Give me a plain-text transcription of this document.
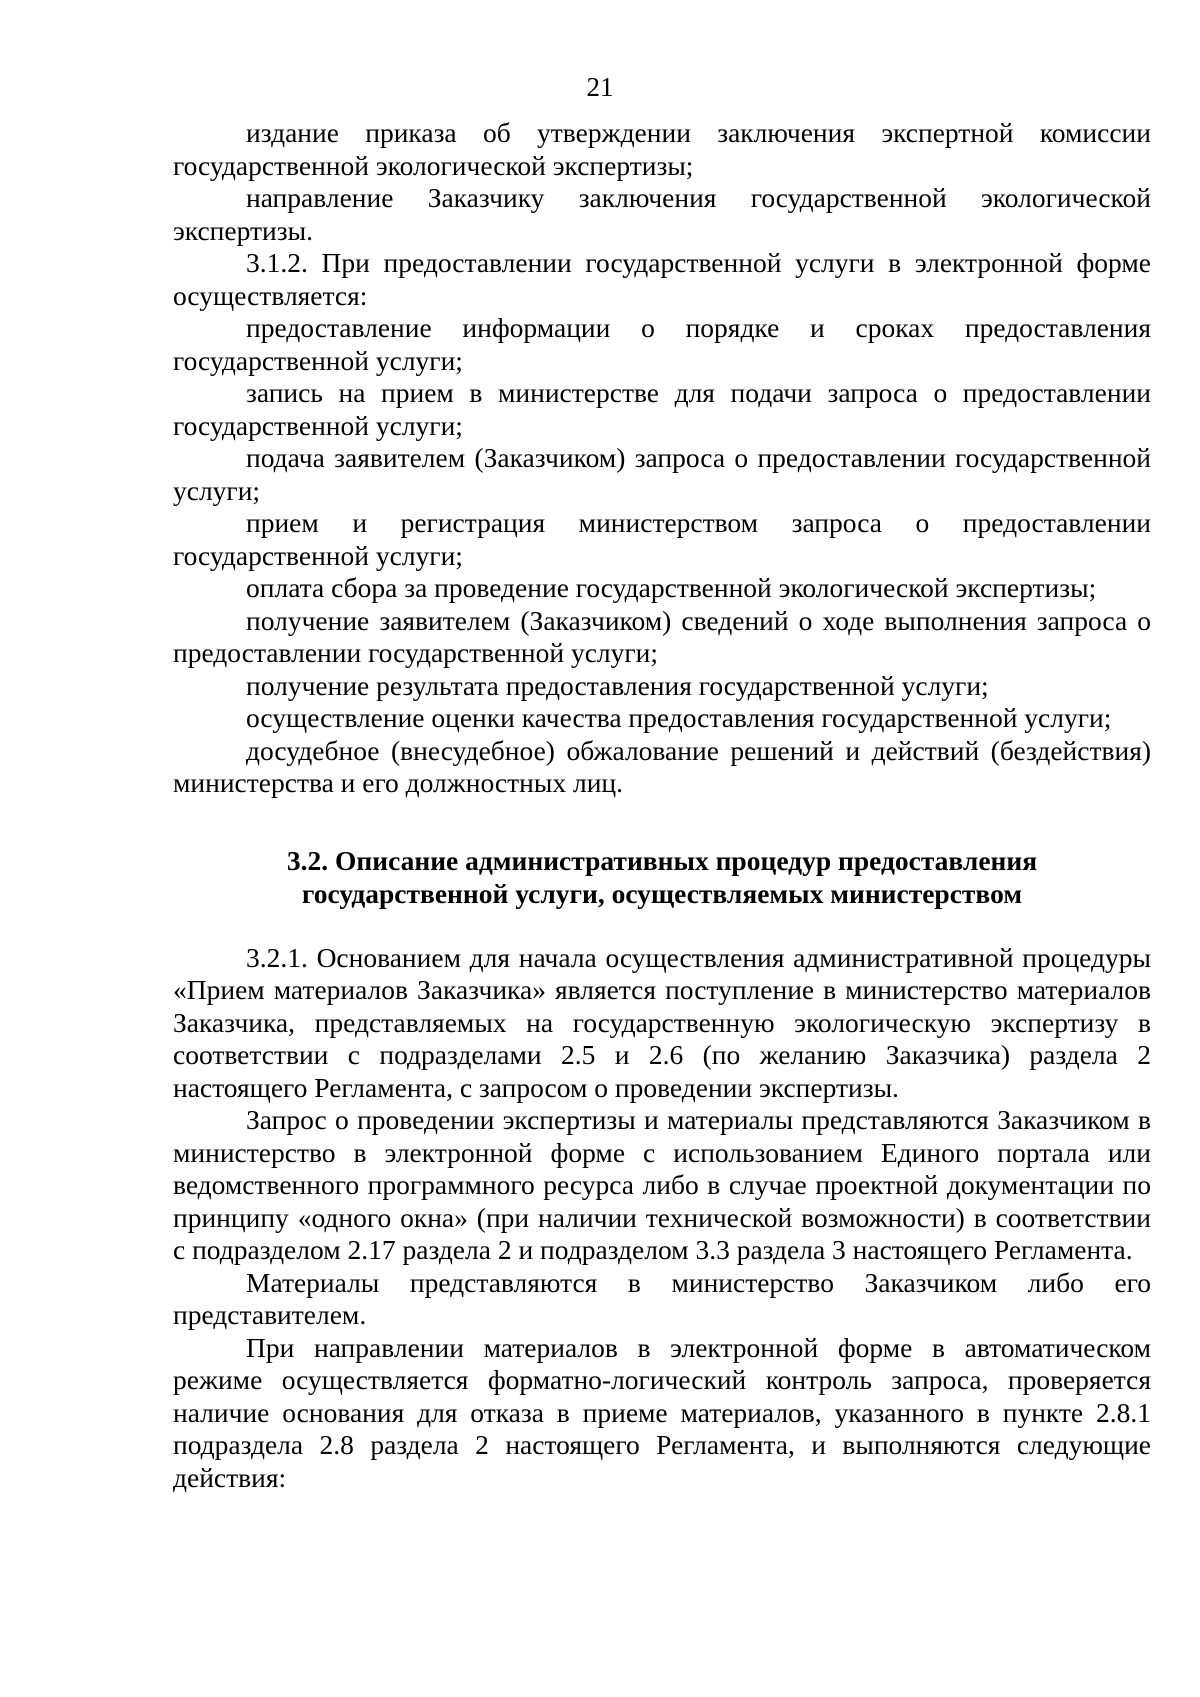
21

издание приказа об утверждении заключения экспертной комиссии государственной экологической экспертизы;

направление Заказчику заключения государственной экологической экспертизы.

3.1.2. При предоставлении государственной услуги в электронной форме осуществляется:

предоставление информации о порядке и сроках предоставления государственной услуги;

запись на прием в министерстве для подачи запроса о предоставлении государственной услуги;

подача заявителем (Заказчиком) запроса о предоставлении государственной услуги;

прием и регистрация министерством запроса о предоставлении государственной услуги;

оплата сбора за проведение государственной экологической экспертизы;

получение заявителем (Заказчиком) сведений о ходе выполнения запроса о предоставлении государственной услуги;

получение результата предоставления государственной услуги;

осуществление оценки качества предоставления государственной услуги;

досудебное (внесудебное) обжалование решений и действий (бездействия) министерства и его должностных лиц.

3.2. Описание административных процедур предоставления
государственной услуги, осуществляемых министерством

3.2.1. Основанием для начала осуществления административной процедуры «Прием материалов Заказчика» является поступление в министерство материалов Заказчика, представляемых на государственную экологическую экспертизу в соответствии с подразделами 2.5 и 2.6 (по желанию Заказчика) раздела 2 настоящего Регламента, с запросом о проведении экспертизы.

Запрос о проведении экспертизы и материалы представляются Заказчиком в министерство в электронной форме с использованием Единого портала или ведомственного программного ресурса либо в случае проектной документации по принципу «одного окна» (при наличии технической возможности) в соответствии с подразделом 2.17 раздела 2 и подразделом 3.3 раздела 3 настоящего Регламента.

Материалы представляются в министерство Заказчиком либо его представителем.

При направлении материалов в электронной форме в автоматическом режиме осуществляется форматно-логический контроль запроса, проверяется наличие основания для отказа в приеме материалов, указанного в пункте 2.8.1 подраздела 2.8 раздела 2 настоящего Регламента, и выполняются следующие действия:
